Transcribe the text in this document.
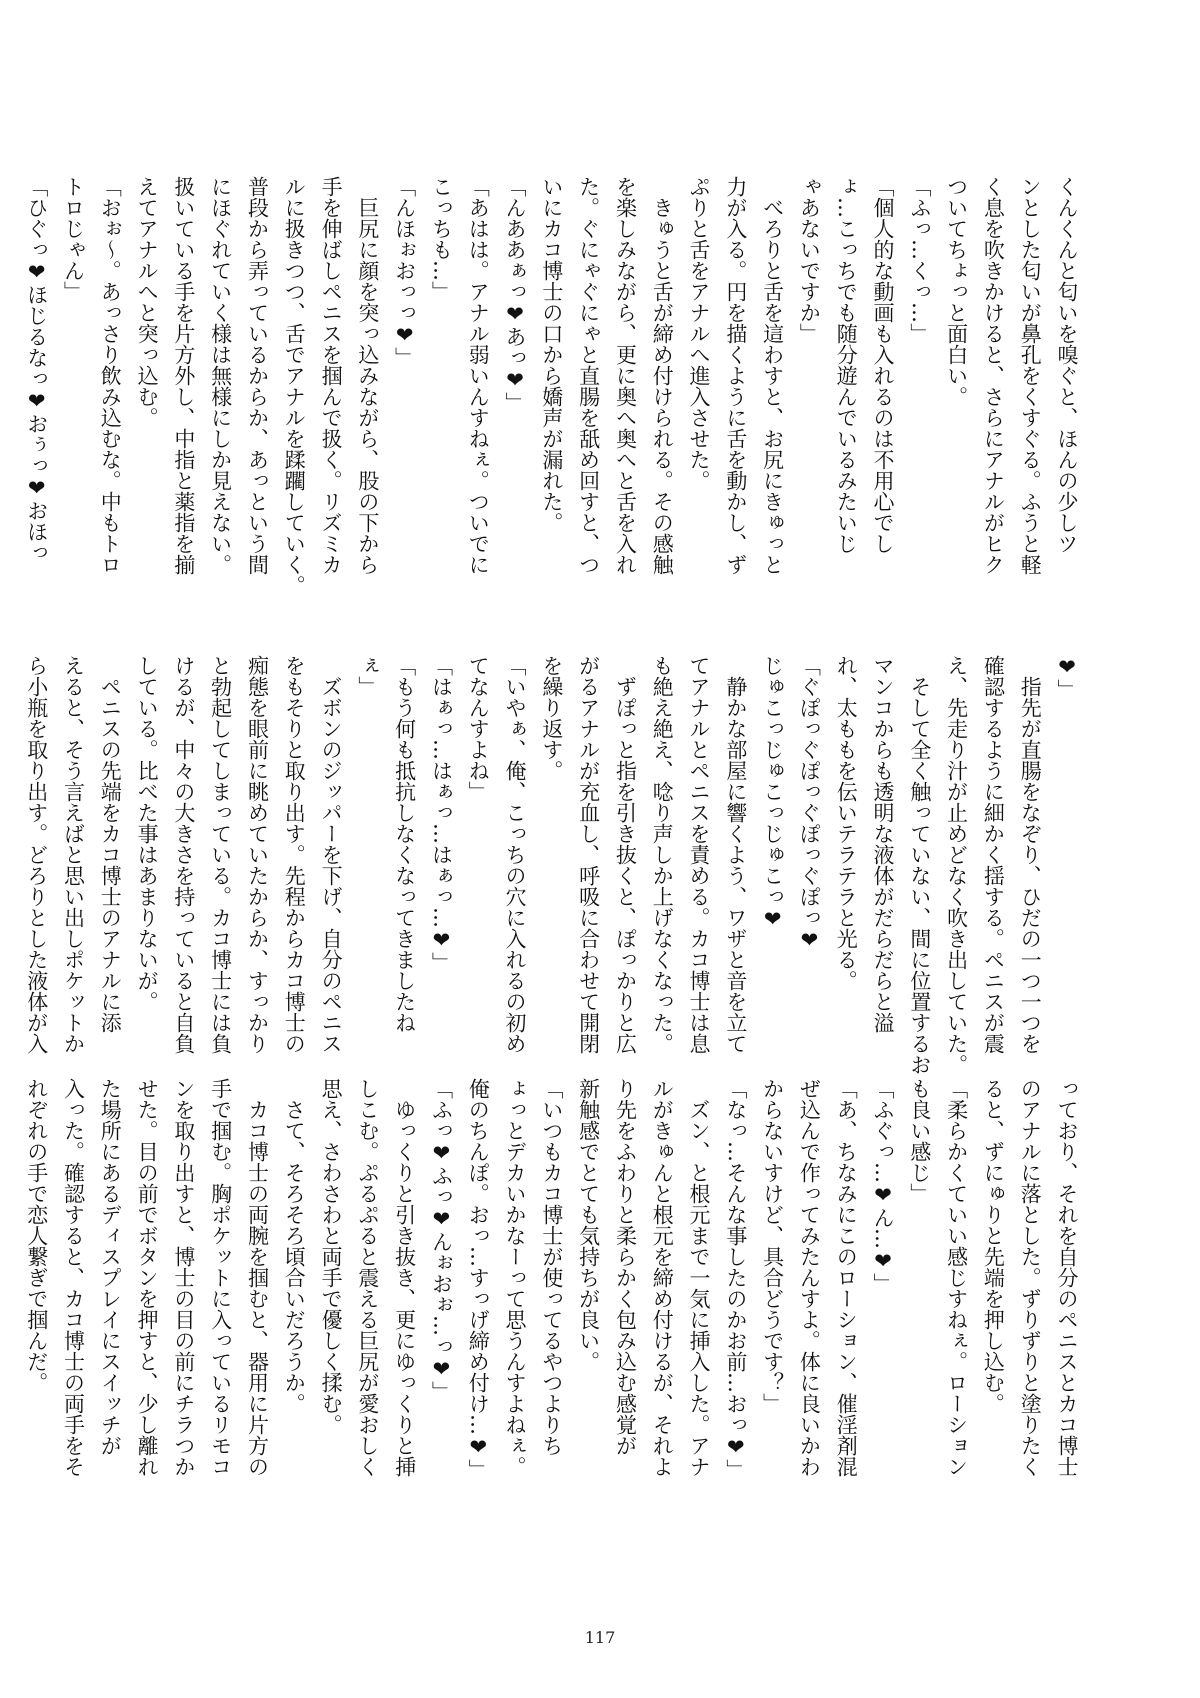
くんくんと匂いを嗅ぐと、ほんの少しツ
ンとした匂いが鼻孔をくすぐる。ふうと軽
く息を吹きかけると、さらにアナルがヒク
ついてちょっと面白い。
「ふっ…くっ…」
「個人的な動画も入れるのは不用心でし
ょ…こっちでも随分遊んでいるみたいじ
ゃあないですか」
　べろりと舌を這わすと、お尻にきゅっと
力が入る。円を描くように舌を動かし、ず
ぷりと舌をアナルへ進入させた。
　きゅうと舌が締め付けられる。その感触
を楽しみながら、更に奥へ奥へと舌を入れ
た。ぐにゃぐにゃと直腸を舐め回すと、つ
いにカコ博士の口から嬌声が漏れた。
「んああぁっ❤あっ❤」
「あはは。アナル弱いんすねぇ。ついでに
こっちも…」
「んほぉおっっ❤」
　巨尻に顔を突っ込みながら、股の下から
手を伸ばしペニスを掴んで扱く。リズミカ
ルに扱きつつ、舌でアナルを蹂躙していく。
普段から弄っているからか、あっという間
にほぐれていく様は無様にしか見えない。
扱いている手を片方外し、中指と薬指を揃
えてアナルへと突っ込む。
「おぉ〜。あっさり飲み込むな。中もトロ
トロじゃん」
「ひぐっ❤ほじるなっ❤おぅっ❤おほっ
❤」
　指先が直腸をなぞり、ひだの一つ一つを
確認するように細かく揺する。ペニスが震
え、先走り汁が止めどなく吹き出していた。
　そして全く触っていない、間に位置するお
マンコからも透明な液体がだらだらと溢
れ、太ももを伝いテラテラと光る。
「ぐぽっぐぽっぐぽっぐぽっ❤
じゅこっじゅこっじゅこっ❤
　静かな部屋に響くよう、ワザと音を立て
てアナルとペニスを責める。カコ博士は息
も絶え絶え、唸り声しか上げなくなった。
　ずぽっと指を引き抜くと、ぽっかりと広
がるアナルが充血し、呼吸に合わせて開閉
を繰り返す。
「いやぁ、俺、こっちの穴に入れるの初め
てなんすよね」
「はぁっ…はぁっ…はぁっ…❤」
「もう何も抵抗しなくなってきましたね
ぇ」
　ズボンのジッパーを下げ、自分のペニス
をもそりと取り出す。先程からカコ博士の
痴態を眼前に眺めていたからか、すっかり
と勃起してしまっている。カコ博士には負
けるが、中々の大きさを持っていると自負
している。比べた事はあまりないが。
　ペニスの先端をカコ博士のアナルに添
えると、そう言えばと思い出しポケットか
ら小瓶を取り出す。どろりとした液体が入
っており、それを自分のペニスとカコ博士
のアナルに落とした。ずりずりと塗りたく
ると、ずにゅりと先端を押し込む。
「柔らかくていい感じすねぇ。ローション
も良い感じ」
「ふぐっ…❤ん…❤」
「あ、ちなみにこのローション、催淫剤混
ぜ込んで作ってみたんすよ。体に良いかわ
からないすけど、具合どうです？」
「なっ…そんな事したのかお前…おっ❤」
　ズン、と根元まで一気に挿入した。アナ
ルがきゅんと根元を締め付けるが、それよ
り先をふわりと柔らかく包み込む感覚が
新触感でとても気持ちが良い。
「いつもカコ博士が使ってるやつよりち
ょっとデカいかなーって思うんすよねぇ。
俺のちんぽ。おっ…すっげ締め付け…❤」
「ふっ❤ふっ❤んぉおぉ…っ❤」
　ゆっくりと引き抜き、更にゆっくりと挿
しこむ。ぷるぷると震える巨尻が愛おしく
思え、さわさわと両手で優しく揉む。
　さて、そろそろ頃合いだろうか。
　カコ博士の両腕を掴むと、器用に片方の
手で掴む。胸ポケットに入っているリモコ
ンを取り出すと、博士の目の前にチラつか
せた。目の前でボタンを押すと、少し離れ
た場所にあるディスプレイにスイッチが
入った。確認すると、カコ博士の両手をそ
れぞれの手で恋人繋ぎで掴んだ。
117
